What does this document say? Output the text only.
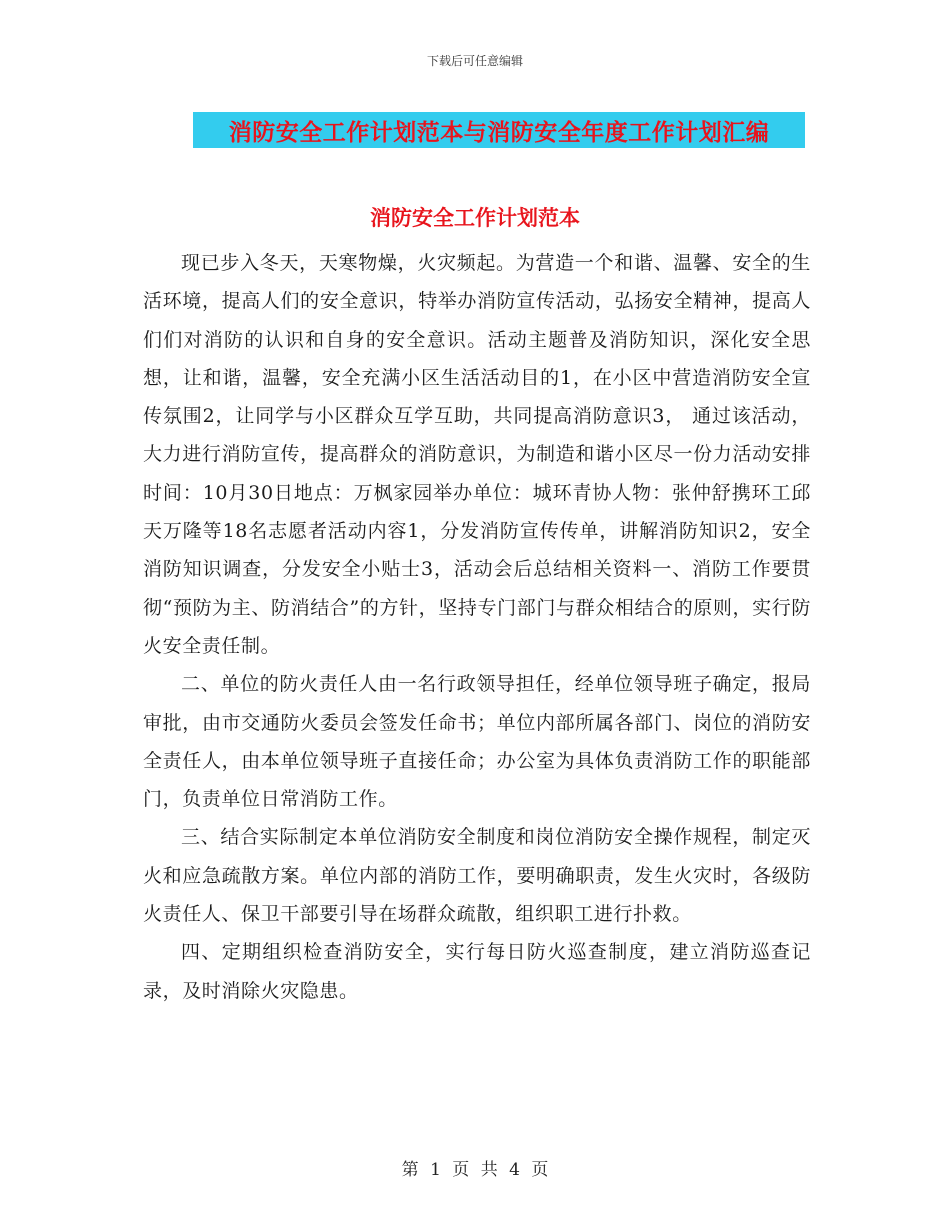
下载后可任意编辑
消防安全工作计划范本与消防安全年度工作计划汇编
消防安全工作计划范本

现已步入冬天，天寒物燥，火灾频起。为营造一个和谐、温馨、安全的生活环境，提高人们的安全意识，特举办消防宣传活动，弘扬安全精神，提高人们们对消防的认识和自身的安全意识。活动主题普及消防知识，深化安全思想，让和谐，温馨，安全充满小区生活活动目的1，在小区中营造消防安全宣传氛围2，让同学与小区群众互学互助，共同提高消防意识3， 通过该活动，大力进行消防宣传，提高群众的消防意识，为制造和谐小区尽一份力活动安排时间：10月30日地点：万枫家园举办单位：城环青协人物：张仲舒携环工邱天万隆等18名志愿者活动内容1，分发消防宣传传单，讲解消防知识2，安全消防知识调查，分发安全小贴士3，活动会后总结相关资料一、消防工作要贯彻“预防为主、防消结合”的方针，坚持专门部门与群众相结合的原则，实行防火安全责任制。

二、单位的防火责任人由一名行政领导担任，经单位领导班子确定，报局审批，由市交通防火委员会签发任命书；单位内部所属各部门、岗位的消防安全责任人，由本单位领导班子直接任命；办公室为具体负责消防工作的职能部门，负责单位日常消防工作。

三、结合实际制定本单位消防安全制度和岗位消防安全操作规程，制定灭火和应急疏散方案。单位内部的消防工作，要明确职责，发生火灾时，各级防火责任人、保卫干部要引导在场群众疏散，组织职工进行扑救。

四、定期组织检查消防安全，实行每日防火巡查制度，建立消防巡查记录，及时消除火灾隐患。

第 1 页 共 4 页
